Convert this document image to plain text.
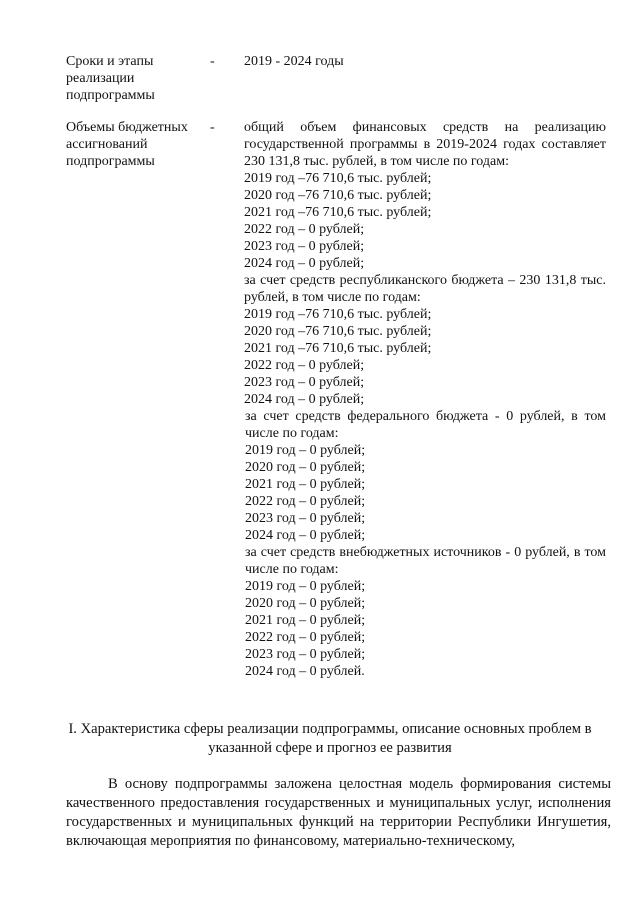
Сроки и этапы реализации подпрограммы
- 2019 - 2024 годы
Объемы бюджетных ассигнований подпрограммы
- общий объем финансовых средств на реализацию государственной программы в 2019-2024 годах составляет 230 131,8 тыс. рублей, в том числе по годам:
2019 год –76 710,6 тыс. рублей;
2020 год –76 710,6 тыс. рублей;
2021 год –76 710,6 тыс. рублей;
2022 год – 0 рублей;
2023 год – 0 рублей;
2024 год – 0 рублей;
за счет средств республиканского бюджета – 230 131,8 тыс. рублей, в том числе по годам:
2019 год –76 710,6 тыс. рублей;
2020 год –76 710,6 тыс. рублей;
2021 год –76 710,6 тыс. рублей;
2022 год – 0 рублей;
2023 год – 0 рублей;
2024 год – 0 рублей;
за счет средств федерального бюджета - 0 рублей, в том числе по годам:
2019 год – 0 рублей;
2020 год – 0 рублей;
2021 год – 0 рублей;
2022 год – 0 рублей;
2023 год – 0 рублей;
2024 год – 0 рублей;
за счет средств внебюджетных источников - 0 рублей, в том числе по годам:
2019 год – 0 рублей;
2020 год – 0 рублей;
2021 год – 0 рублей;
2022 год – 0 рублей;
2023 год – 0 рублей;
2024 год – 0 рублей.
I. Характеристика сферы реализации подпрограммы, описание основных проблем в указанной сфере и прогноз ее развития
В основу подпрограммы заложена целостная модель формирования системы качественного предоставления государственных и муниципальных услуг, исполнения государственных и муниципальных функций на территории Республики Ингушетия, включающая мероприятия по финансовому, материально-техническому,
